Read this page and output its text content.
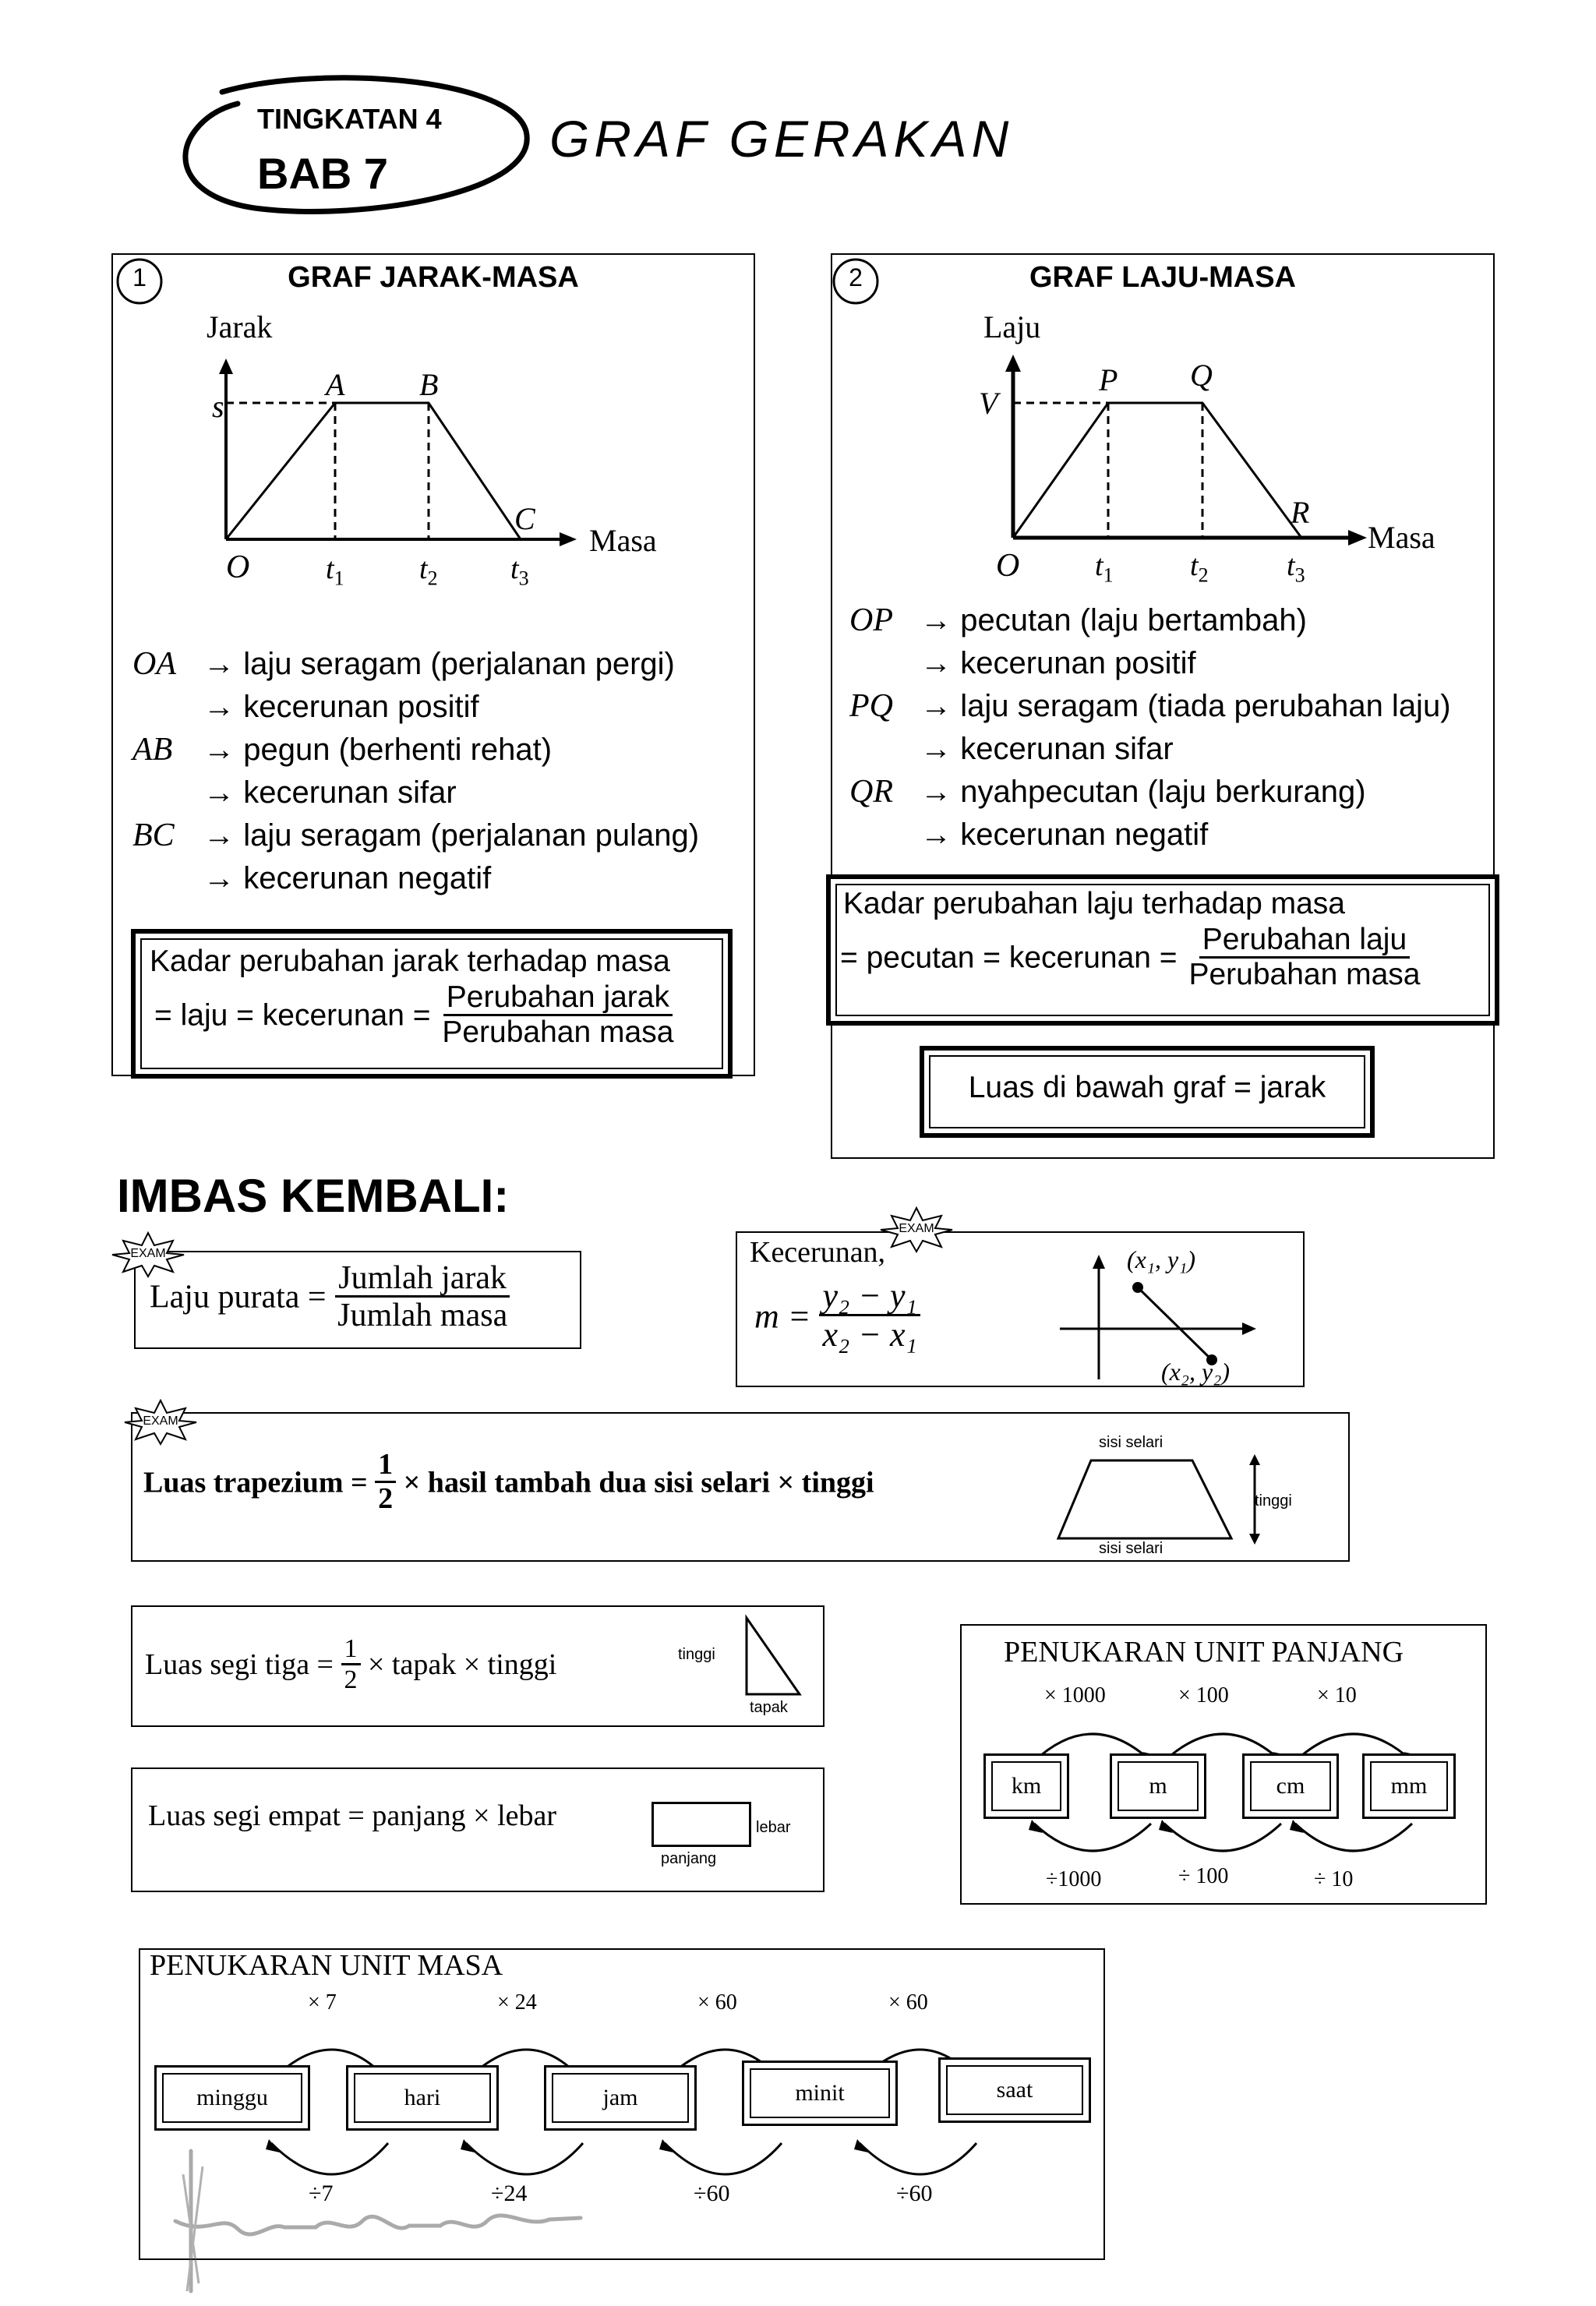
TINGKATAN 4
BAB 7
GRAF GERAKAN
1	GRAF JARAK-MASA
Jarak
s
A B
C
Masa
O	$t_1$	$t_2$ $t_3$
OA → laju seragam (perjalanan pergi)
→ kecerunan positif
AB → pegun (berhenti rehat)
→ kecerunan sifar
BC → laju seragam (perjalanan pulang)
→ kecerunan negatif
Kadar perubahan jarak terhadap masa
= laju = kecerunan = $\frac{\text{Perubahan jarak}}{\text{Perubahan masa}}$
2	GRAF LAJU-MASA
Laju
V
P Q
R
Masa
O	$t_1$	$t_2$	$t_3$
OP → pecutan (laju bertambah)
→ kecerunan positif
PQ → laju seragam (tiada perubahan laju)
→ kecerunan sifar
QR → nyahpecutan (laju berkurang)
→ kecerunan negatif
Kadar perubahan laju terhadap masa
= pecutan = kecerunan = $\frac{\text{Perubahan laju}}{\text{Perubahan masa}}$
Luas di bawah graf = jarak
IMBAS KEMBALI:
EXAM
Laju purata = $\frac{\text{Jumlah jarak}}{\text{Jumlah masa}}$
EXAM
Kecerunan,
$m = \frac{\text{y₂ − y₁}}{\text{x₂ − x₁}}$
(x₁, y₁)
(x₂, y₂)
EXAM
Luas trapezium = $\frac{1}{2}$ × hasil tambah dua sisi selari × tinggi
sisi selari
sisi selari
tinggi
Luas segi tiga = $\frac{1}{2}$ × tapak × tinggi	tinggi
tapak
Luas segi empat = panjang × lebar	lebar
panjang
PENUKARAN UNIT PANJANG
× 1000	× 100	× 10
km	m	cm	mm
÷1000	÷ 100	÷ 10
PENUKARAN UNIT MASA
× 7	× 24	× 60	× 60
minggu	hari	jam	minit	saat
÷7	÷24	÷60	÷60
